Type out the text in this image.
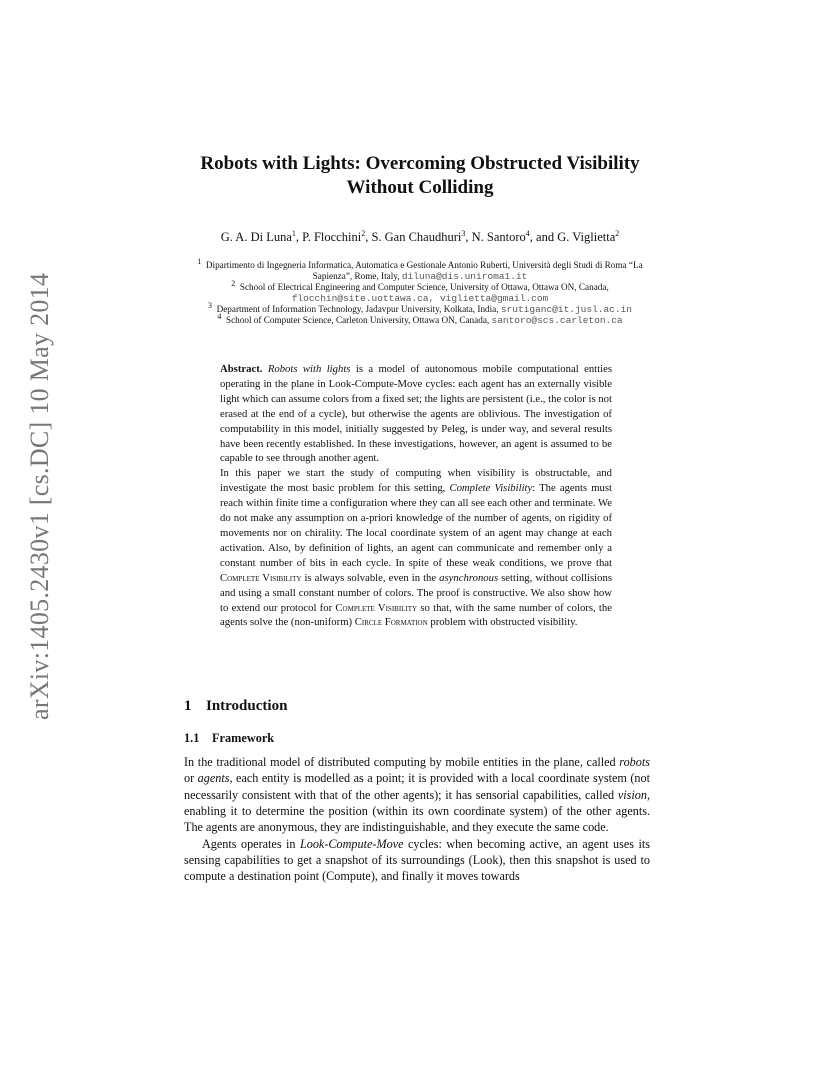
arXiv:1405.2430v1 [cs.DC] 10 May 2014
Robots with Lights: Overcoming Obstructed Visibility
Without Colliding
G. A. Di Luna$^1$, P. Flocchini$^2$, S. Gan Chaudhuri$^3$, N. Santoro$^4$, and G. Viglietta$^2$

$^1$  Dipartimento di Ingegneria Informatica, Automatica e Gestionale Antonio Ruberti, Università degli Studi di Roma “La Sapienza”, Rome, Italy, diluna@dis.uniroma1.it

$^2$  School of Electrical Engineering and Computer Science, University of Ottawa, Ottawa ON, Canada, flocchin@site.uottawa.ca, viglietta@gmail.com

$^3$  Department of Information Technology, Jadavpur University, Kolkata, India, srutiganc@it.jusl.ac.in

$^4$  School of Computer Science, Carleton University, Ottawa ON, Canada, santoro@scs.carleton.ca

Abstract. Robots with lights is a model of autonomous mobile computational entties operating in the plane in Look-Compute-Move cycles: each agent has an externally visible light which can assume colors from a fixed set; the lights are persistent (i.e., the color is not erased at the end of a cycle), but otherwise the agents are oblivious. The investigation of computability in this model, initially suggested by Peleg, is under way, and several results have been recently established. In these investigations, however, an agent is assumed to be capable to see through another agent.

In this paper we start the study of computing when visibility is obstructable, and investigate the most basic problem for this setting, Complete Visibility: The agents must reach within finite time a configuration where they can all see each other and terminate. We do not make any assumption on a-priori knowledge of the number of agents, on rigidity of movements nor on chirality. The local coordinate system of an agent may change at each activation. Also, by definition of lights, an agent can communicate and remember only a constant number of bits in each cycle. In spite of these weak conditions, we prove that Complete Visibility is always solvable, even in the asynchronous setting, without collisions and using a small constant number of colors. The proof is constructive. We also show how to extend our protocol for Complete Visibility so that, with the same number of colors, the agents solve the (non-uniform) Circle Formation problem with obstructed visibility.

1 Introduction
1.1 Framework

In the traditional model of distributed computing by mobile entities in the plane, called robots or agents, each entity is modelled as a point; it is provided with a local coordinate system (not necessarily consistent with that of the other agents); it has sensorial capabilities, called vision, enabling it to determine the position (within its own coordinate system) of the other agents. The agents are anonymous, they are indistinguishable, and they execute the same code.

Agents operates in Look-Compute-Move cycles: when becoming active, an agent uses its sensing capabilities to get a snapshot of its surroundings (Look), then this snapshot is used to compute a destination point (Compute), and finally it moves towards
